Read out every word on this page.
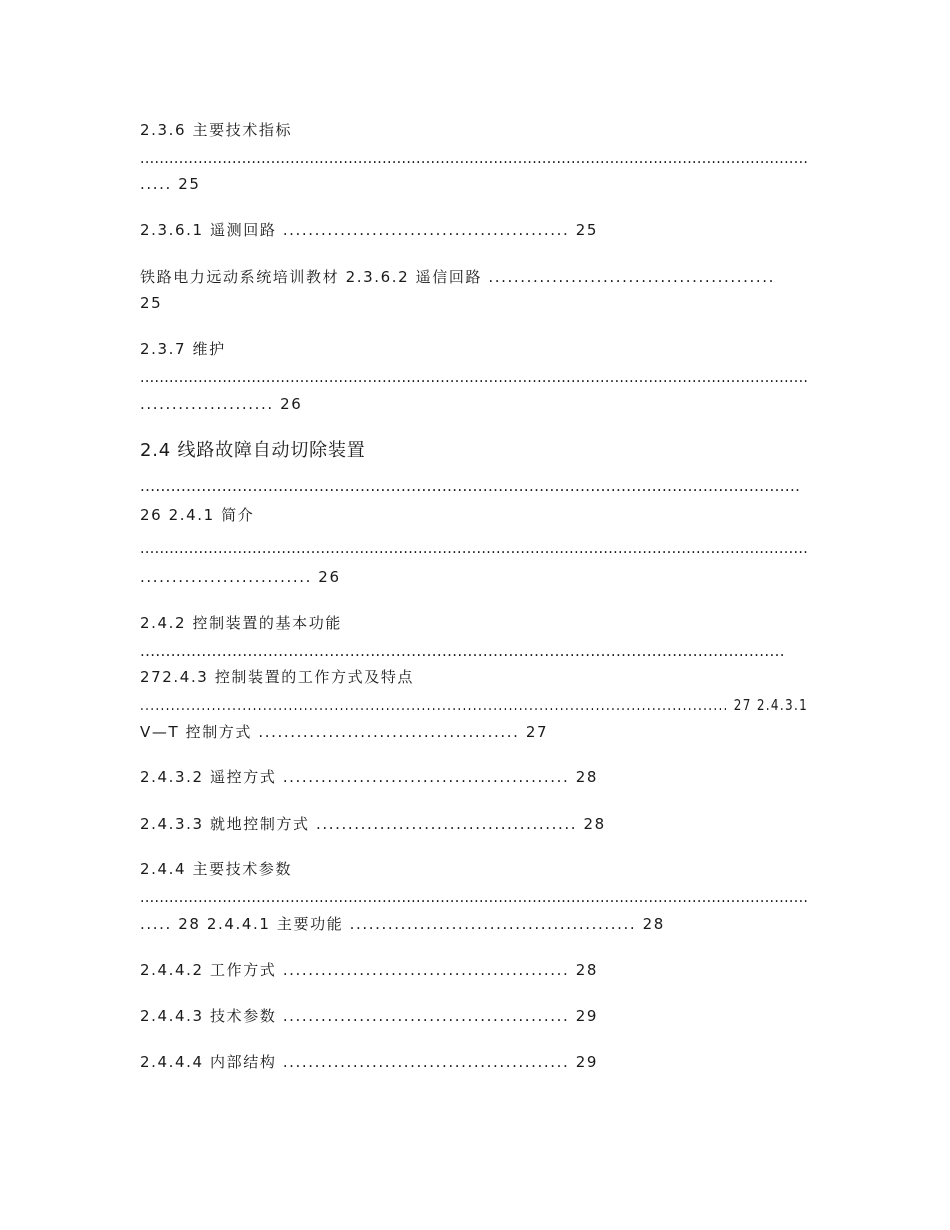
2.3.6 主要技术指标
..........................................................................................................................................
..... 25
2.3.6.1 遥测回路 ............................................. 25
铁路电力远动系统培训教材 2.3.6.2 遥信回路 .............................................
25
2.3.7 维护
..........................................................................................................................................
..................... 26
2.4 线路故障自动切除装置
.................................................................................................................................
26 2.4.1 简介
.........................................................................................................................................
........................... 26
2.4.2 控制装置的基本功能
..............................................................................................................................
272.4.3 控制装置的工作方式及特点
................................................................................................................... 27 2.4.3.1
V—T 控制方式 ......................................... 27
2.4.3.2 遥控方式 ............................................. 28
2.4.3.3 就地控制方式 ......................................... 28
2.4.4 主要技术参数
..........................................................................................................................................
..... 28 2.4.4.1 主要功能 ............................................. 28
2.4.4.2 工作方式 ............................................. 28
2.4.4.3 技术参数 ............................................. 29
2.4.4.4 内部结构 ............................................. 29
